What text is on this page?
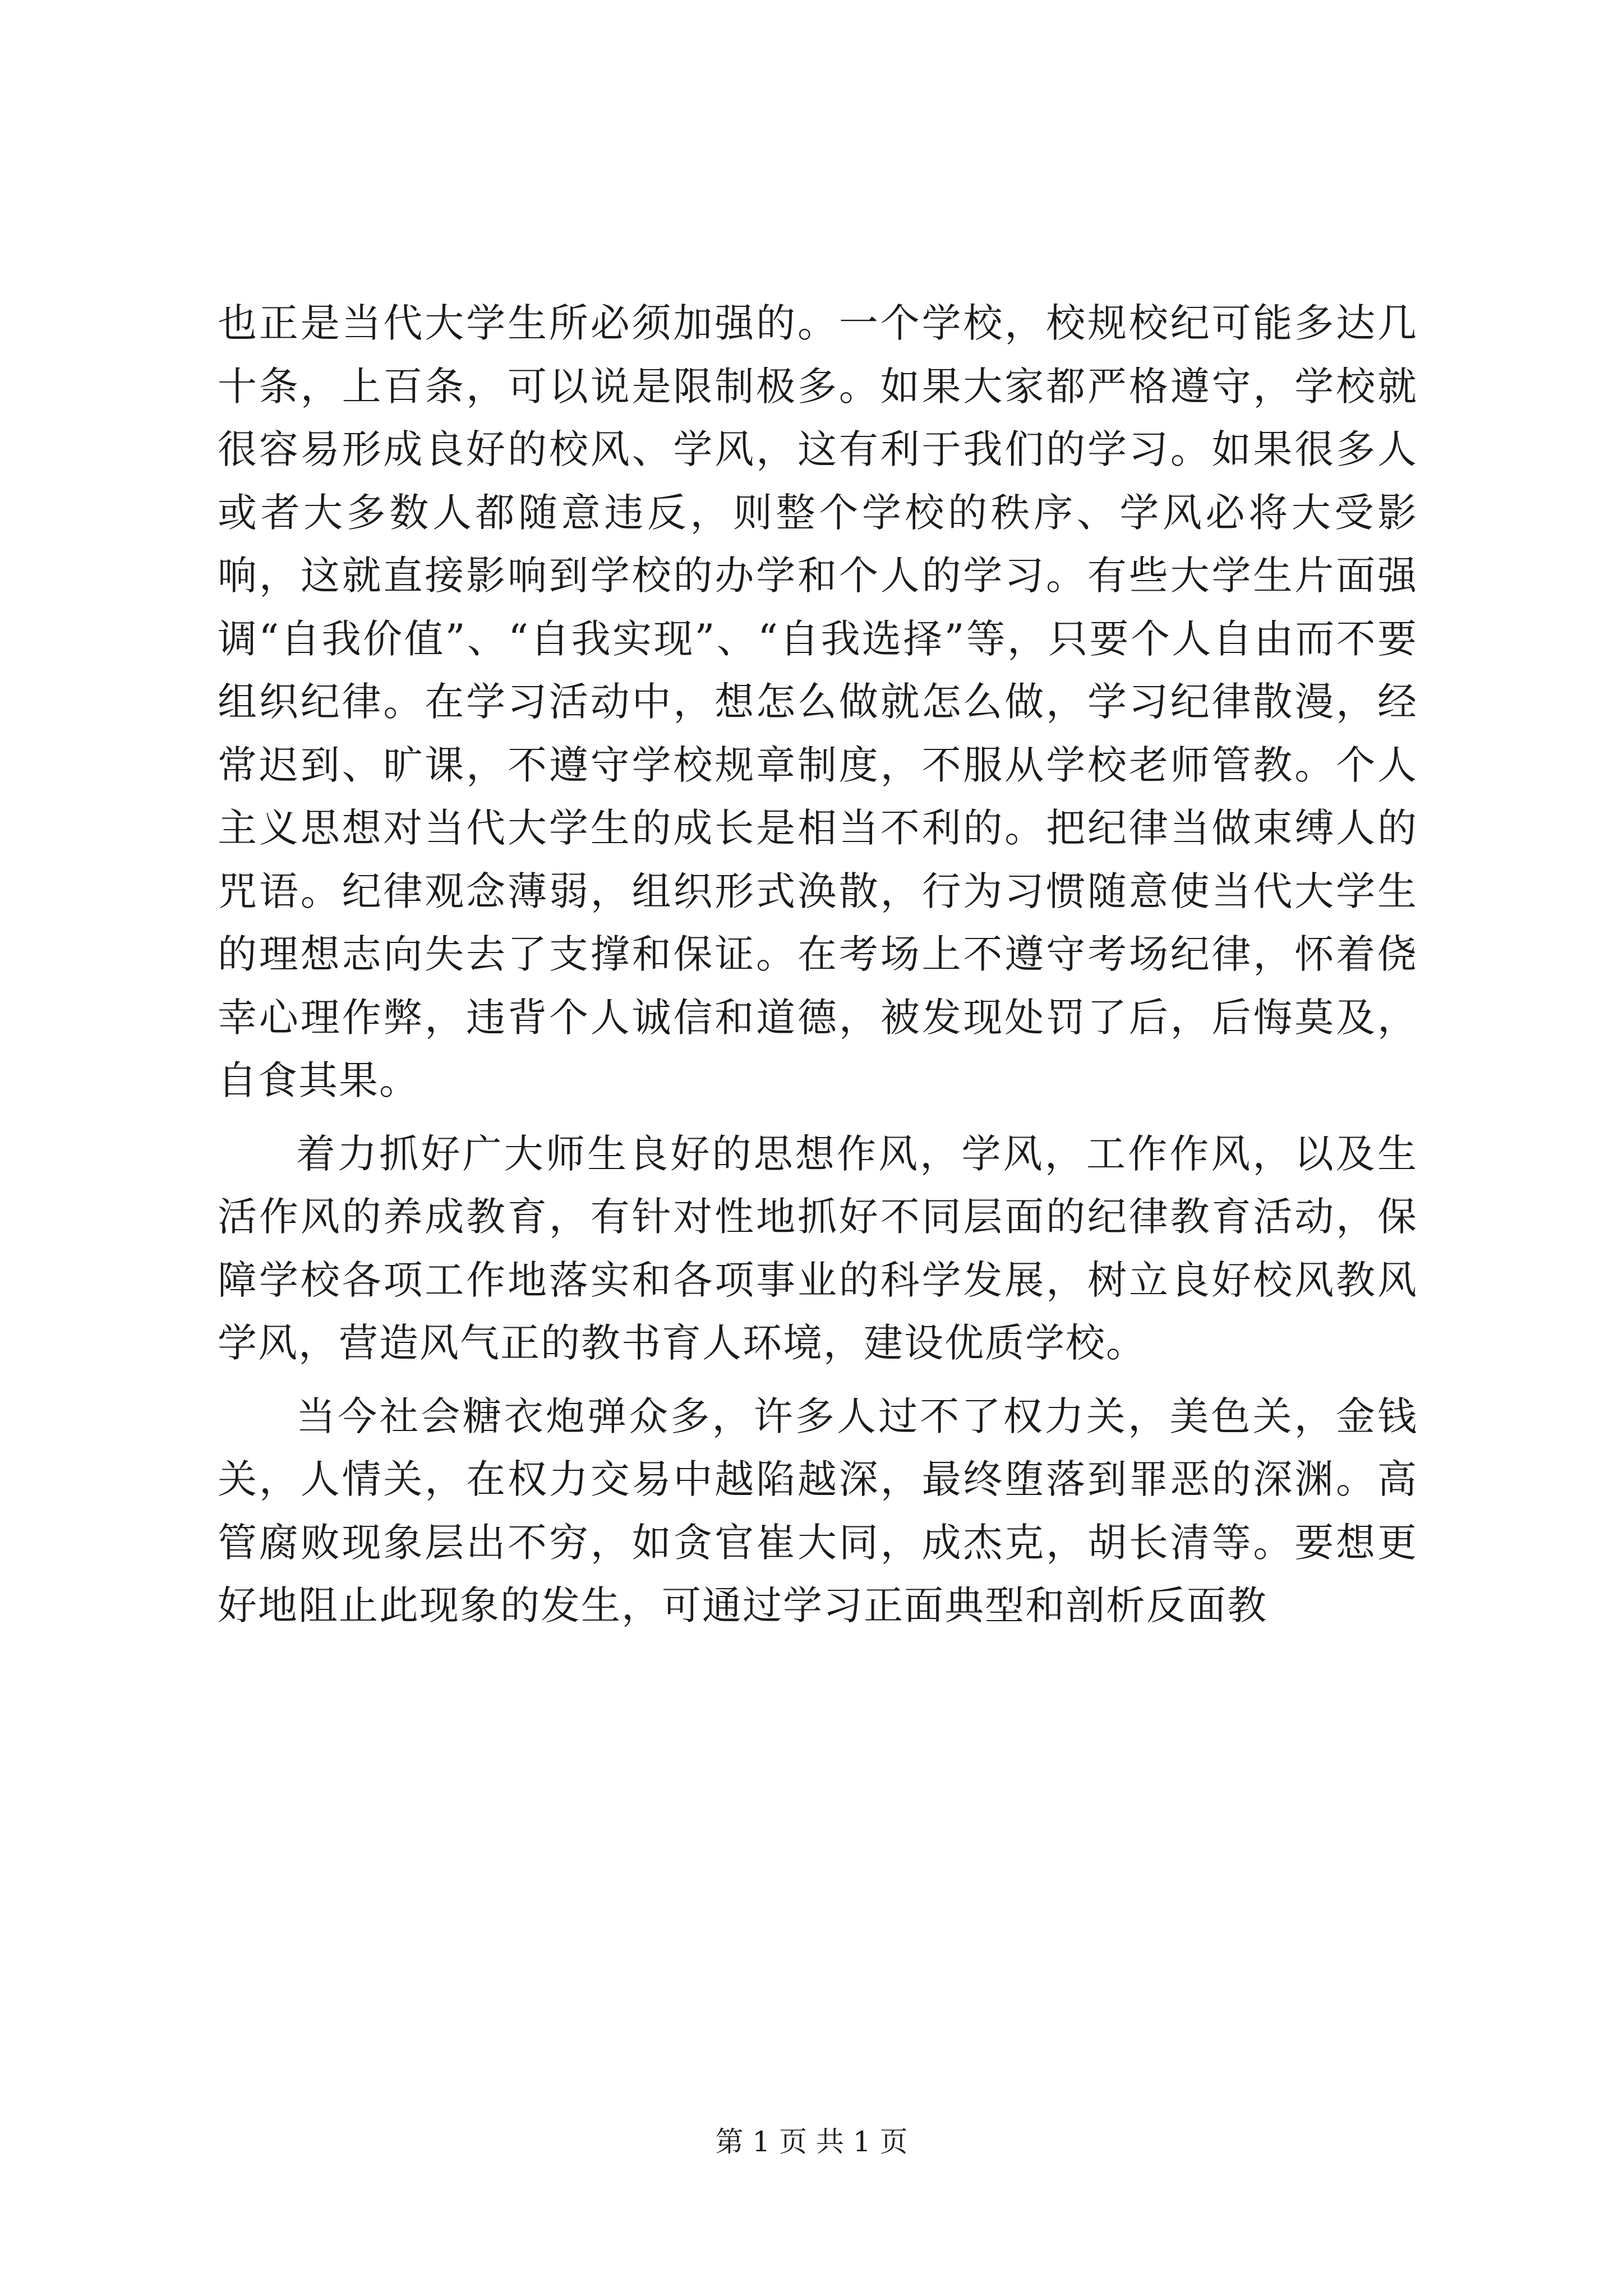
也正是当代大学生所必须加强的。一个学校，校规校纪可能多达几十条，上百条，可以说是限制极多。如果大家都严格遵守，学校就很容易形成良好的校风、学风，这有利于我们的学习。如果很多人或者大多数人都随意违反，则整个学校的秩序、学风必将大受影响，这就直接影响到学校的办学和个人的学习。有些大学生片面强调“自我价值”、“自我实现”、“自我选择”等，只要个人自由而不要组织纪律。在学习活动中，想怎么做就怎么做，学习纪律散漫，经常迟到、旷课，不遵守学校规章制度，不服从学校老师管教。个人主义思想对当代大学生的成长是相当不利的。把纪律当做束缚人的咒语。纪律观念薄弱，组织形式涣散，行为习惯随意使当代大学生的理想志向失去了支撑和保证。在考场上不遵守考场纪律，怀着侥幸心理作弊，违背个人诚信和道德，被发现处罚了后，后悔莫及，自食其果。

着力抓好广大师生良好的思想作风，学风，工作作风，以及生活作风的养成教育，有针对性地抓好不同层面的纪律教育活动，保障学校各项工作地落实和各项事业的科学发展，树立良好校风教风学风，营造风气正的教书育人环境，建设优质学校。

当今社会糖衣炮弹众多，许多人过不了权力关，美色关，金钱关，人情关，在权力交易中越陷越深，最终堕落到罪恶的深渊。高管腐败现象层出不穷，如贪官崔大同，成杰克，胡长清等。要想更好地阻止此现象的发生，可通过学习正面典型和剖析反面教

第 1 页 共 1 页
